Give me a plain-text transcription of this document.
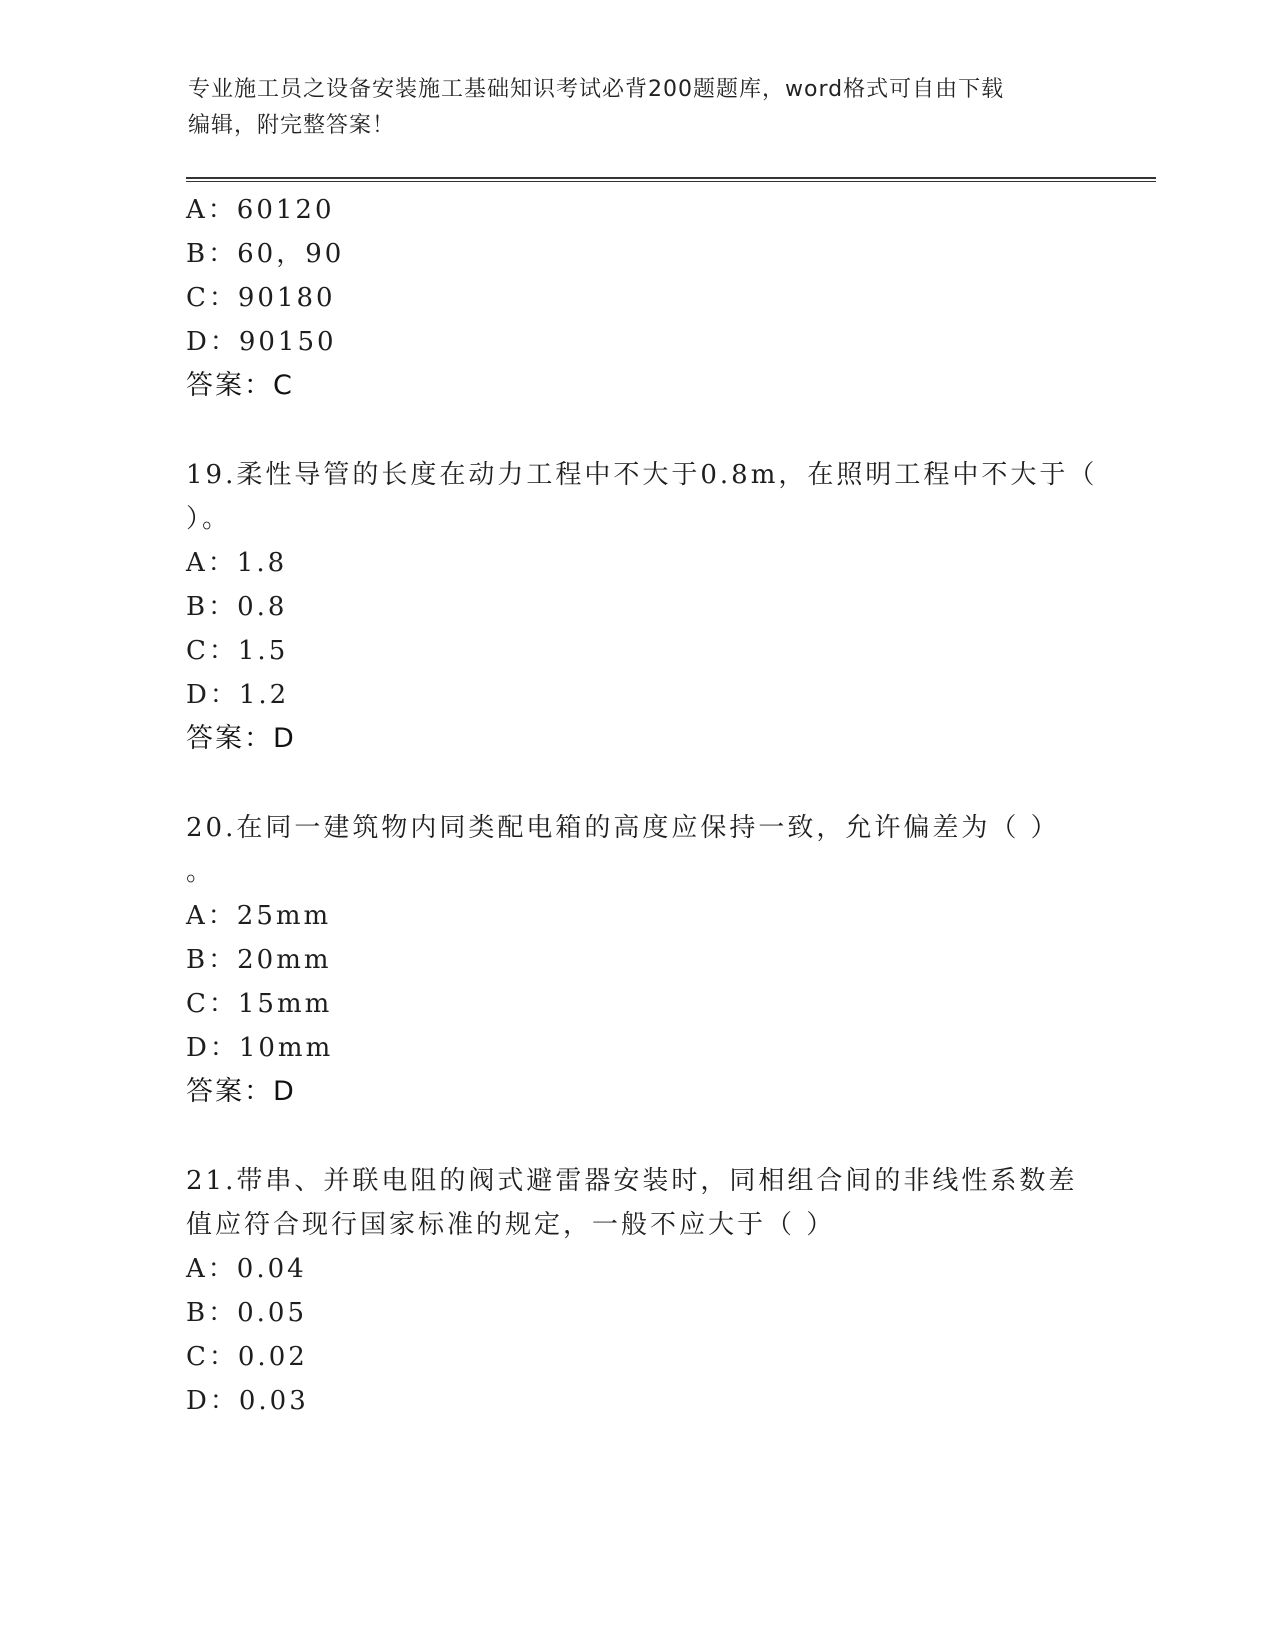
专业施工员之设备安装施工基础知识考试必背200题题库，word格式可自由下载
编辑，附完整答案！
A：60120
B：60，90
C：90180
D：90150
答案：C
19.柔性导管的长度在动力工程中不大于0.8m，在照明工程中不大于（
）。
A：1.8
B：0.8
C：1.5
D：1.2
答案：D
20.在同一建筑物内同类配电箱的高度应保持一致，允许偏差为（ ）
。
A：25mm
B：20mm
C：15mm
D：10mm
答案：D
21.带串、并联电阻的阀式避雷器安装时，同相组合间的非线性系数差
值应符合现行国家标准的规定，一般不应大于（ ）
A：0.04
B：0.05
C：0.02
D：0.03
